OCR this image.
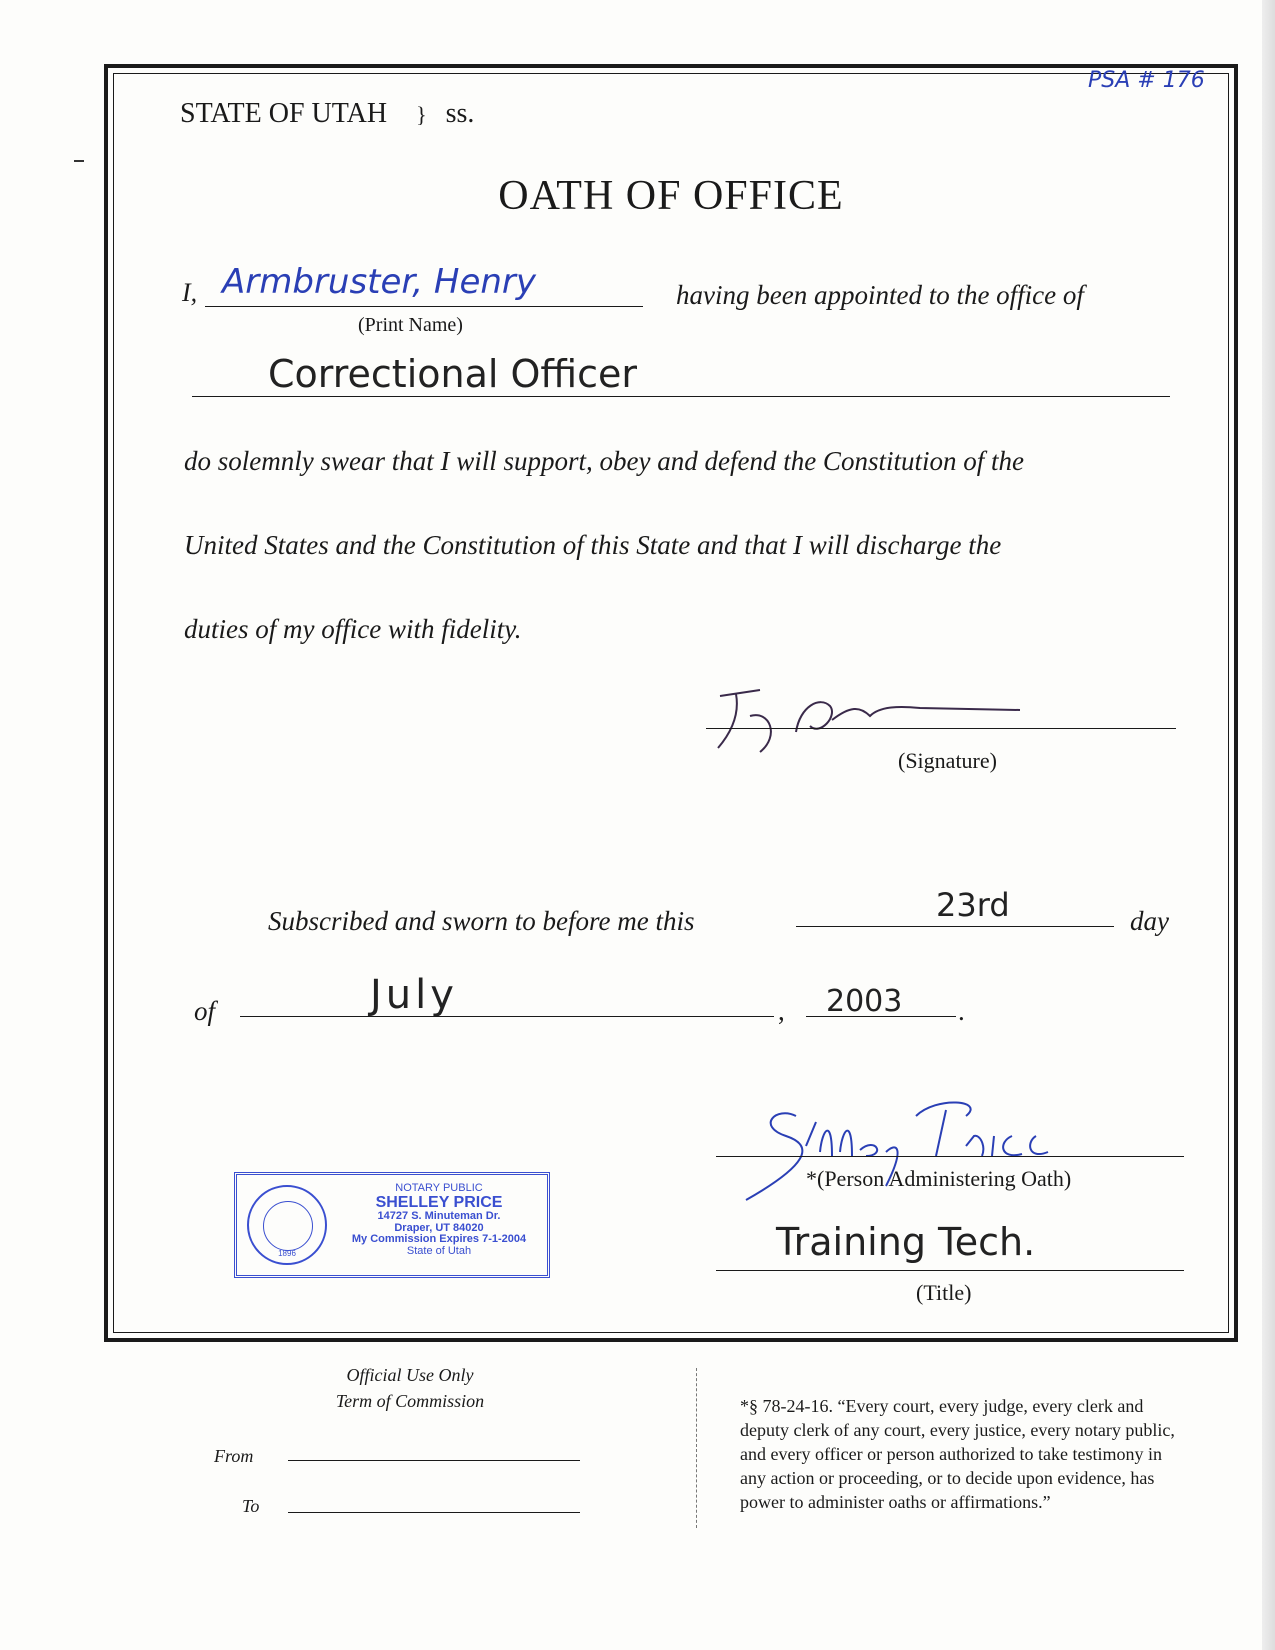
PSA # 176
STATE OF UTAH } ss.
OATH OF OFFICE
I, Armbruster, Henry
(Print Name)
having been appointed to the office of
Correctional Officer
do solemnly swear that I will support, obey and defend the Constitution of the
United States and the Constitution of this State and that I will discharge the
duties of my office with fidelity.
(Signature)
Subscribed and sworn to before me this	23rd	day
of	July	, 2003 .
*(Person Administering Oath)
Training Tech.
(Title)
1896
NOTARY PUBLIC
SHELLEY PRICE
14727 S. Minuteman Dr.
Draper, UT 84020
My Commission Expires 7-1-2004
State of Utah
Official Use Only
Term of Commission
From
To
*§ 78-24-16. “Every court, every judge, every clerk and
deputy clerk of any court, every justice, every notary public,
and every officer or person authorized to take testimony in
any action or proceeding, or to decide upon evidence, has
power to administer oaths or affirmations.”
